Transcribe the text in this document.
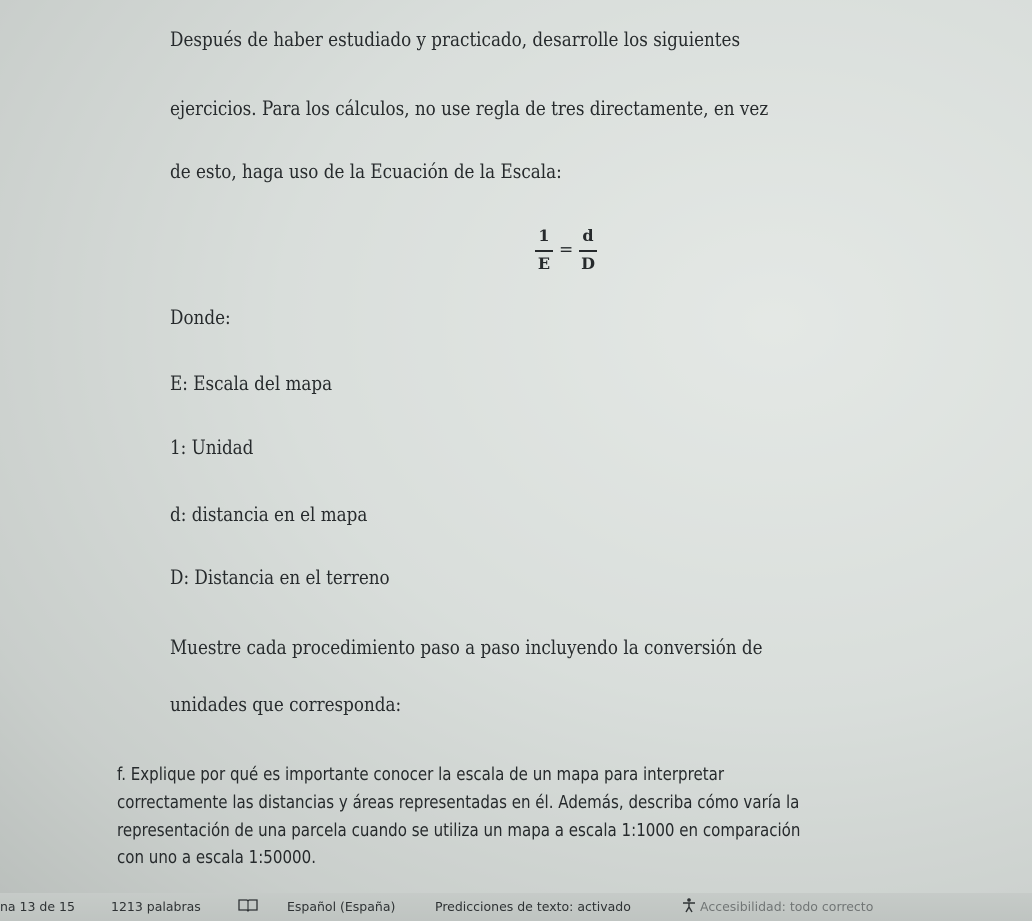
Después de haber estudiado y practicado, desarrolle los siguientes
ejercicios. Para los cálculos, no use regla de tres directamente, en vez
de esto, haga uso de la Ecuación de la Escala:
1
E
=
d
D
Donde:
E: Escala del mapa
1: Unidad
d: distancia en el mapa
D: Distancia en el terreno
Muestre cada procedimiento paso a paso incluyendo la conversión de
unidades que corresponda:
f. Explique por qué es importante conocer la escala de un mapa para interpretar
correctamente las distancias y áreas representadas en él. Además, describa cómo varía la
representación de una parcela cuando se utiliza un mapa a escala 1:1000 en comparación
con uno a escala 1:50000.
na 13 de 15	1213 palabras	Español (España)	Predicciones de texto: activado	Accesibilidad: todo correcto
